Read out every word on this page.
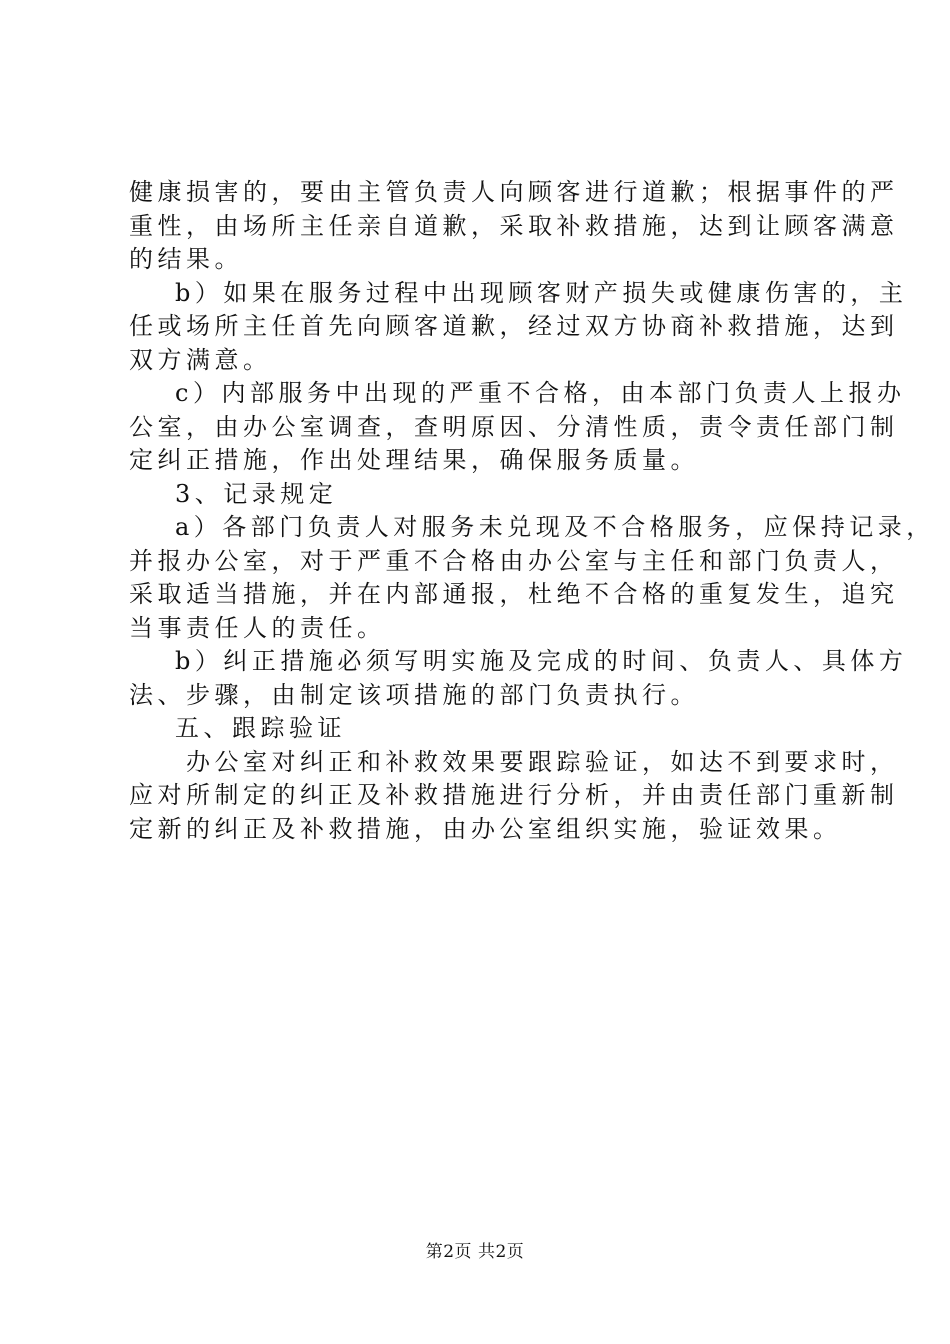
健康损害的，要由主管负责人向顾客进行道歉；根据事件的严
重性，由场所主任亲自道歉，采取补救措施，达到让顾客满意
的结果。
b）如果在服务过程中出现顾客财产损失或健康伤害的，主
任或场所主任首先向顾客道歉，经过双方协商补救措施，达到
双方满意。
c）内部服务中出现的严重不合格，由本部门负责人上报办
公室，由办公室调查，查明原因、分清性质，责令责任部门制
定纠正措施，作出处理结果，确保服务质量。
3、记录规定
a）各部门负责人对服务未兑现及不合格服务，应保持记录，
并报办公室，对于严重不合格由办公室与主任和部门负责人，
采取适当措施，并在内部通报，杜绝不合格的重复发生，追究
当事责任人的责任。
b）纠正措施必须写明实施及完成的时间、负责人、具体方
法、步骤，由制定该项措施的部门负责执行。
五、跟踪验证
办公室对纠正和补救效果要跟踪验证，如达不到要求时，
应对所制定的纠正及补救措施进行分析，并由责任部门重新制
定新的纠正及补救措施，由办公室组织实施，验证效果。
第2页 共2页
